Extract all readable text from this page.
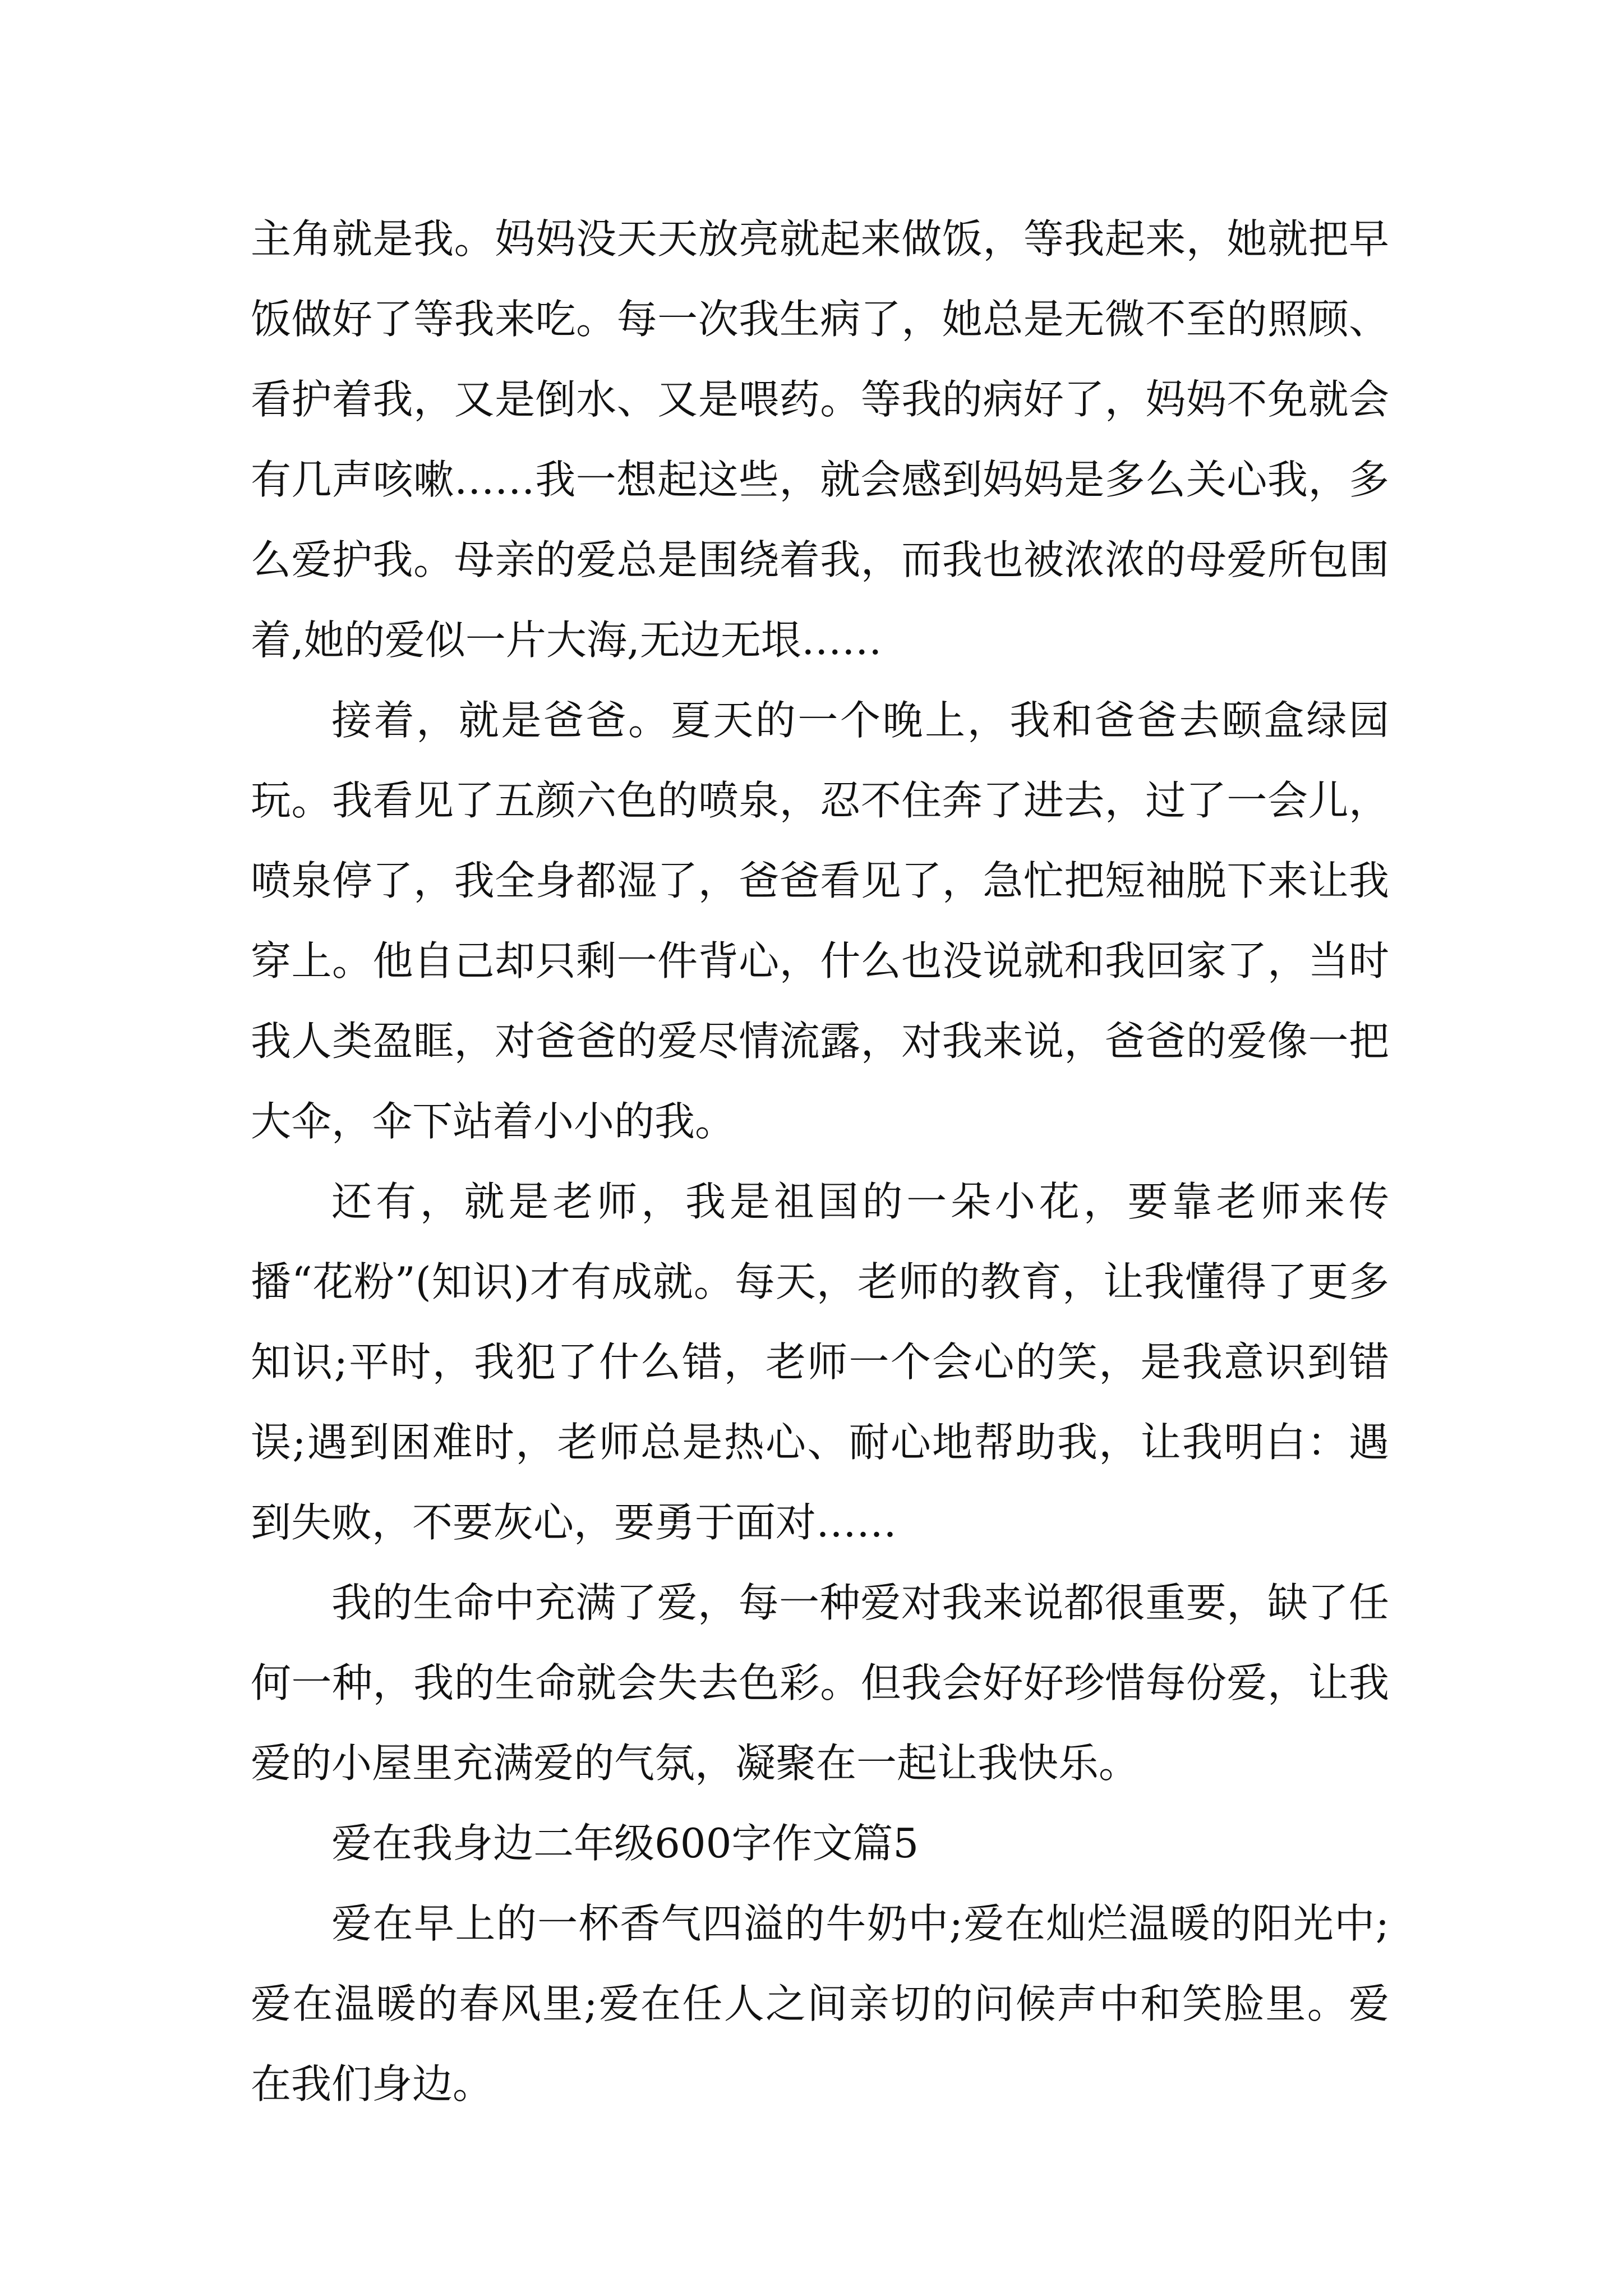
主角就是我。妈妈没天天放亮就起来做饭，等我起来，她就把早饭做好了等我来吃。每一次我生病了，她总是无微不至的照顾、看护着我，又是倒水、又是喂药。等我的病好了，妈妈不免就会有几声咳嗽……我一想起这些，就会感到妈妈是多么关心我，多么爱护我。母亲的爱总是围绕着我，而我也被浓浓的母爱所包围着,她的爱似一片大海,无边无垠……

接着，就是爸爸。夏天的一个晚上，我和爸爸去颐盒绿园玩。我看见了五颜六色的喷泉，忍不住奔了进去，过了一会儿，喷泉停了，我全身都湿了，爸爸看见了，急忙把短袖脱下来让我穿上。他自己却只剩一件背心，什么也没说就和我回家了，当时我人类盈眶，对爸爸的爱尽情流露，对我来说，爸爸的爱像一把大伞，伞下站着小小的我。

还有，就是老师，我是祖国的一朵小花，要靠老师来传播“花粉”(知识)才有成就。每天，老师的教育，让我懂得了更多知识;平时，我犯了什么错，老师一个会心的笑，是我意识到错误;遇到困难时，老师总是热心、耐心地帮助我，让我明白：遇到失败，不要灰心，要勇于面对……

我的生命中充满了爱，每一种爱对我来说都很重要，缺了任何一种，我的生命就会失去色彩。但我会好好珍惜每份爱，让我爱的小屋里充满爱的气氛，凝聚在一起让我快乐。

爱在我身边二年级600字作文篇5

爱在早上的一杯香气四溢的牛奶中;爱在灿烂温暖的阳光中;爱在温暖的春风里;爱在任人之间亲切的问候声中和笑脸里。爱在我们身边。
